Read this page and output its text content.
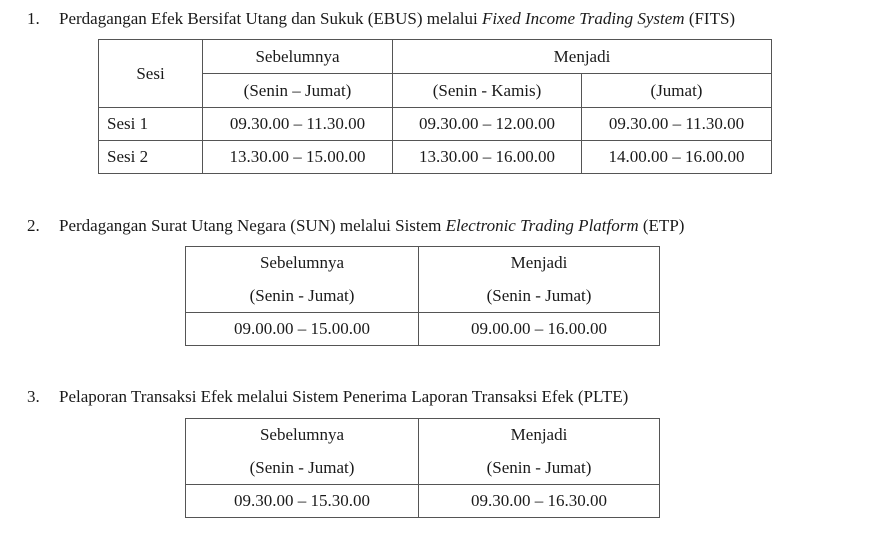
1. Perdagangan Efek Bersifat Utang dan Sukuk (EBUS) melalui Fixed Income Trading System (FITS)
Sesi	Sebelumnya	Menjadi	
	(Senin – Jumat)	(Senin - Kamis)	(Jumat)
Sesi 1	09.30.00 – 11.30.00	09.30.00 – 12.00.00	09.30.00 – 11.30.00
Sesi 2	13.30.00 – 15.00.00	13.30.00 – 16.00.00	14.00.00 – 16.00.00
2. Perdagangan Surat Utang Negara (SUN) melalui Sistem Electronic Trading Platform (ETP)
Sebelumnya	Menjadi
(Senin - Jumat)	(Senin - Jumat)
09.00.00 – 15.00.00	09.00.00 – 16.00.00
3. Pelaporan Transaksi Efek melalui Sistem Penerima Laporan Transaksi Efek (PLTE)
Sebelumnya	Menjadi
(Senin - Jumat)	(Senin - Jumat)
09.30.00 – 15.30.00	09.30.00 – 16.30.00
